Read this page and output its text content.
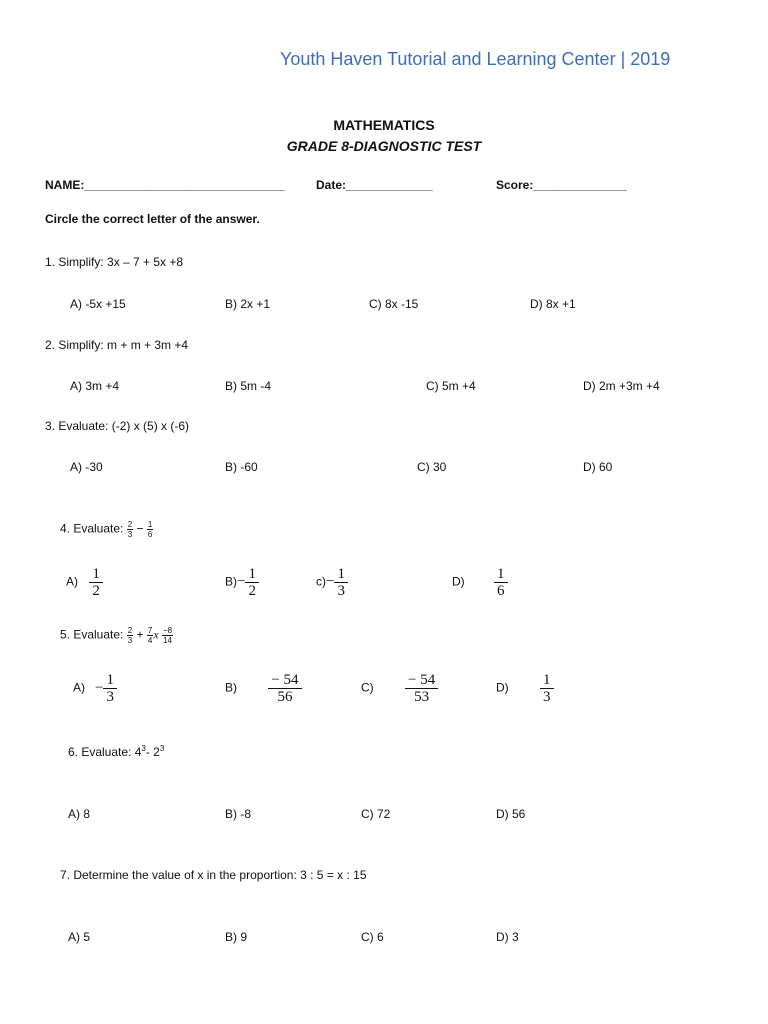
Youth Haven Tutorial and Learning Center | 2019
MATHEMATICS
GRADE 8-DIAGNOSTIC TEST
NAME:______________________________	Date:_____________	Score:______________
Circle the correct letter of the answer.
1. Simplify: 3x – 7 + 5x +8
A) -5x +15	B) 2x +1	C) 8x -15	D) 8x +1
2. Simplify: m + m + 3m +4
A) 3m +4	B) 5m -4	C) 5m +4	D) 2m +3m +4
3. Evaluate: (-2) x (5) x (-6)
A) -30	B) -60	C) 30	D) 60
4. Evaluate: $\frac{2}{3} - \frac{1}{6}$
$A) \frac{1}{2}$	$B)- \frac{1}{2}$	$c)- \frac{1}{3}$	$D) \frac{1}{6}$
5. Evaluate: $\frac{2}{3} + \frac{7}{4}$ x $\frac{-8}{14}$
$A) - \frac{1}{3}$	$B) \frac{- 54}{56}$	$C) \frac{- 54}{53}$	$D) \frac{1}{3}$
6. Evaluate: $4^3-$ $2^3$
A) 8	B) -8	C) 72	D) 56
7. Determine the value of x in the proportion: 3 : 5 = x : 15
A) 5	B) 9	C) 6	D) 3
